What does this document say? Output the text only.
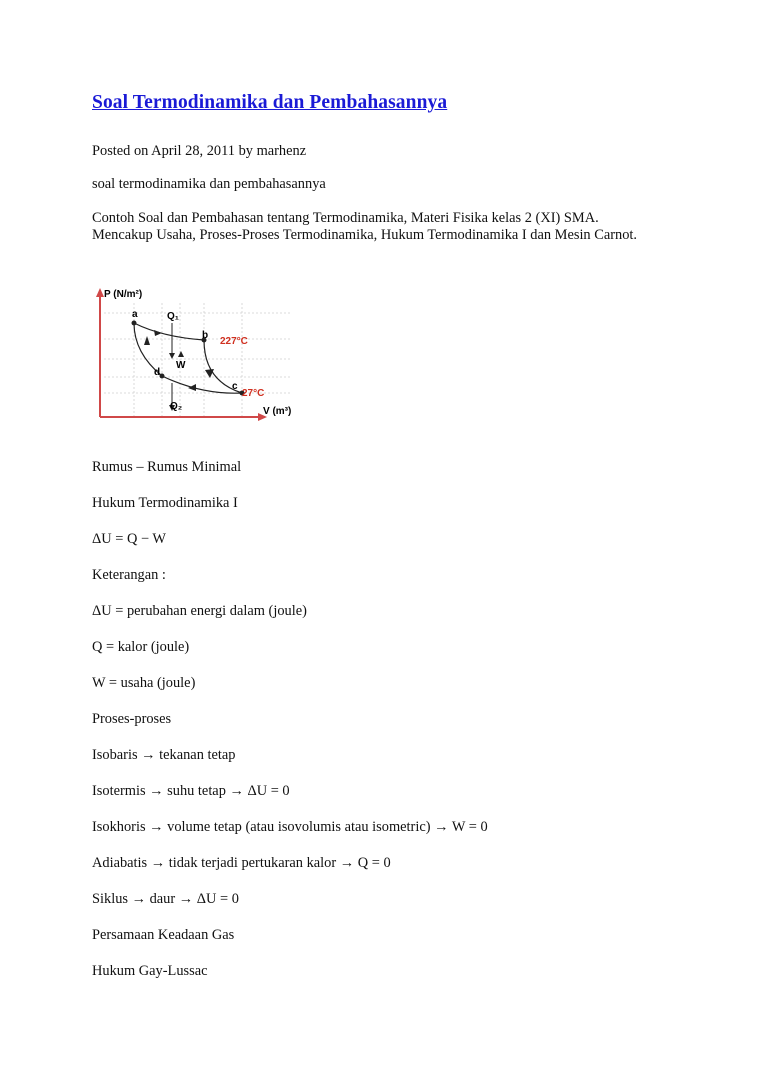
Soal Termodinamika dan Pembahasannya

Posted on April 28, 2011 by marhenz

soal termodinamika dan pembahasannya

Contoh Soal dan Pembahasan tentang Termodinamika, Materi Fisika kelas 2 (XI) SMA. Mencakup Usaha, Proses-Proses Termodinamika, Hukum Termodinamika I dan Mesin Carnot.

P (N/m²)
V (m³)
a
b
c
d
Q₁
Q₂
W
227°C
27°C

Rumus – Rumus Minimal

Hukum Termodinamika I

ΔU = Q − W

Keterangan :

ΔU = perubahan energi dalam (joule)

Q = kalor (joule)

W = usaha (joule)

Proses-proses

Isobaris → tekanan tetap

Isotermis → suhu tetap → ΔU = 0

Isokhoris → volume tetap (atau isovolumis atau isometric) → W = 0

Adiabatis → tidak terjadi pertukaran kalor → Q = 0

Siklus → daur → ΔU = 0

Persamaan Keadaan Gas

Hukum Gay-Lussac
